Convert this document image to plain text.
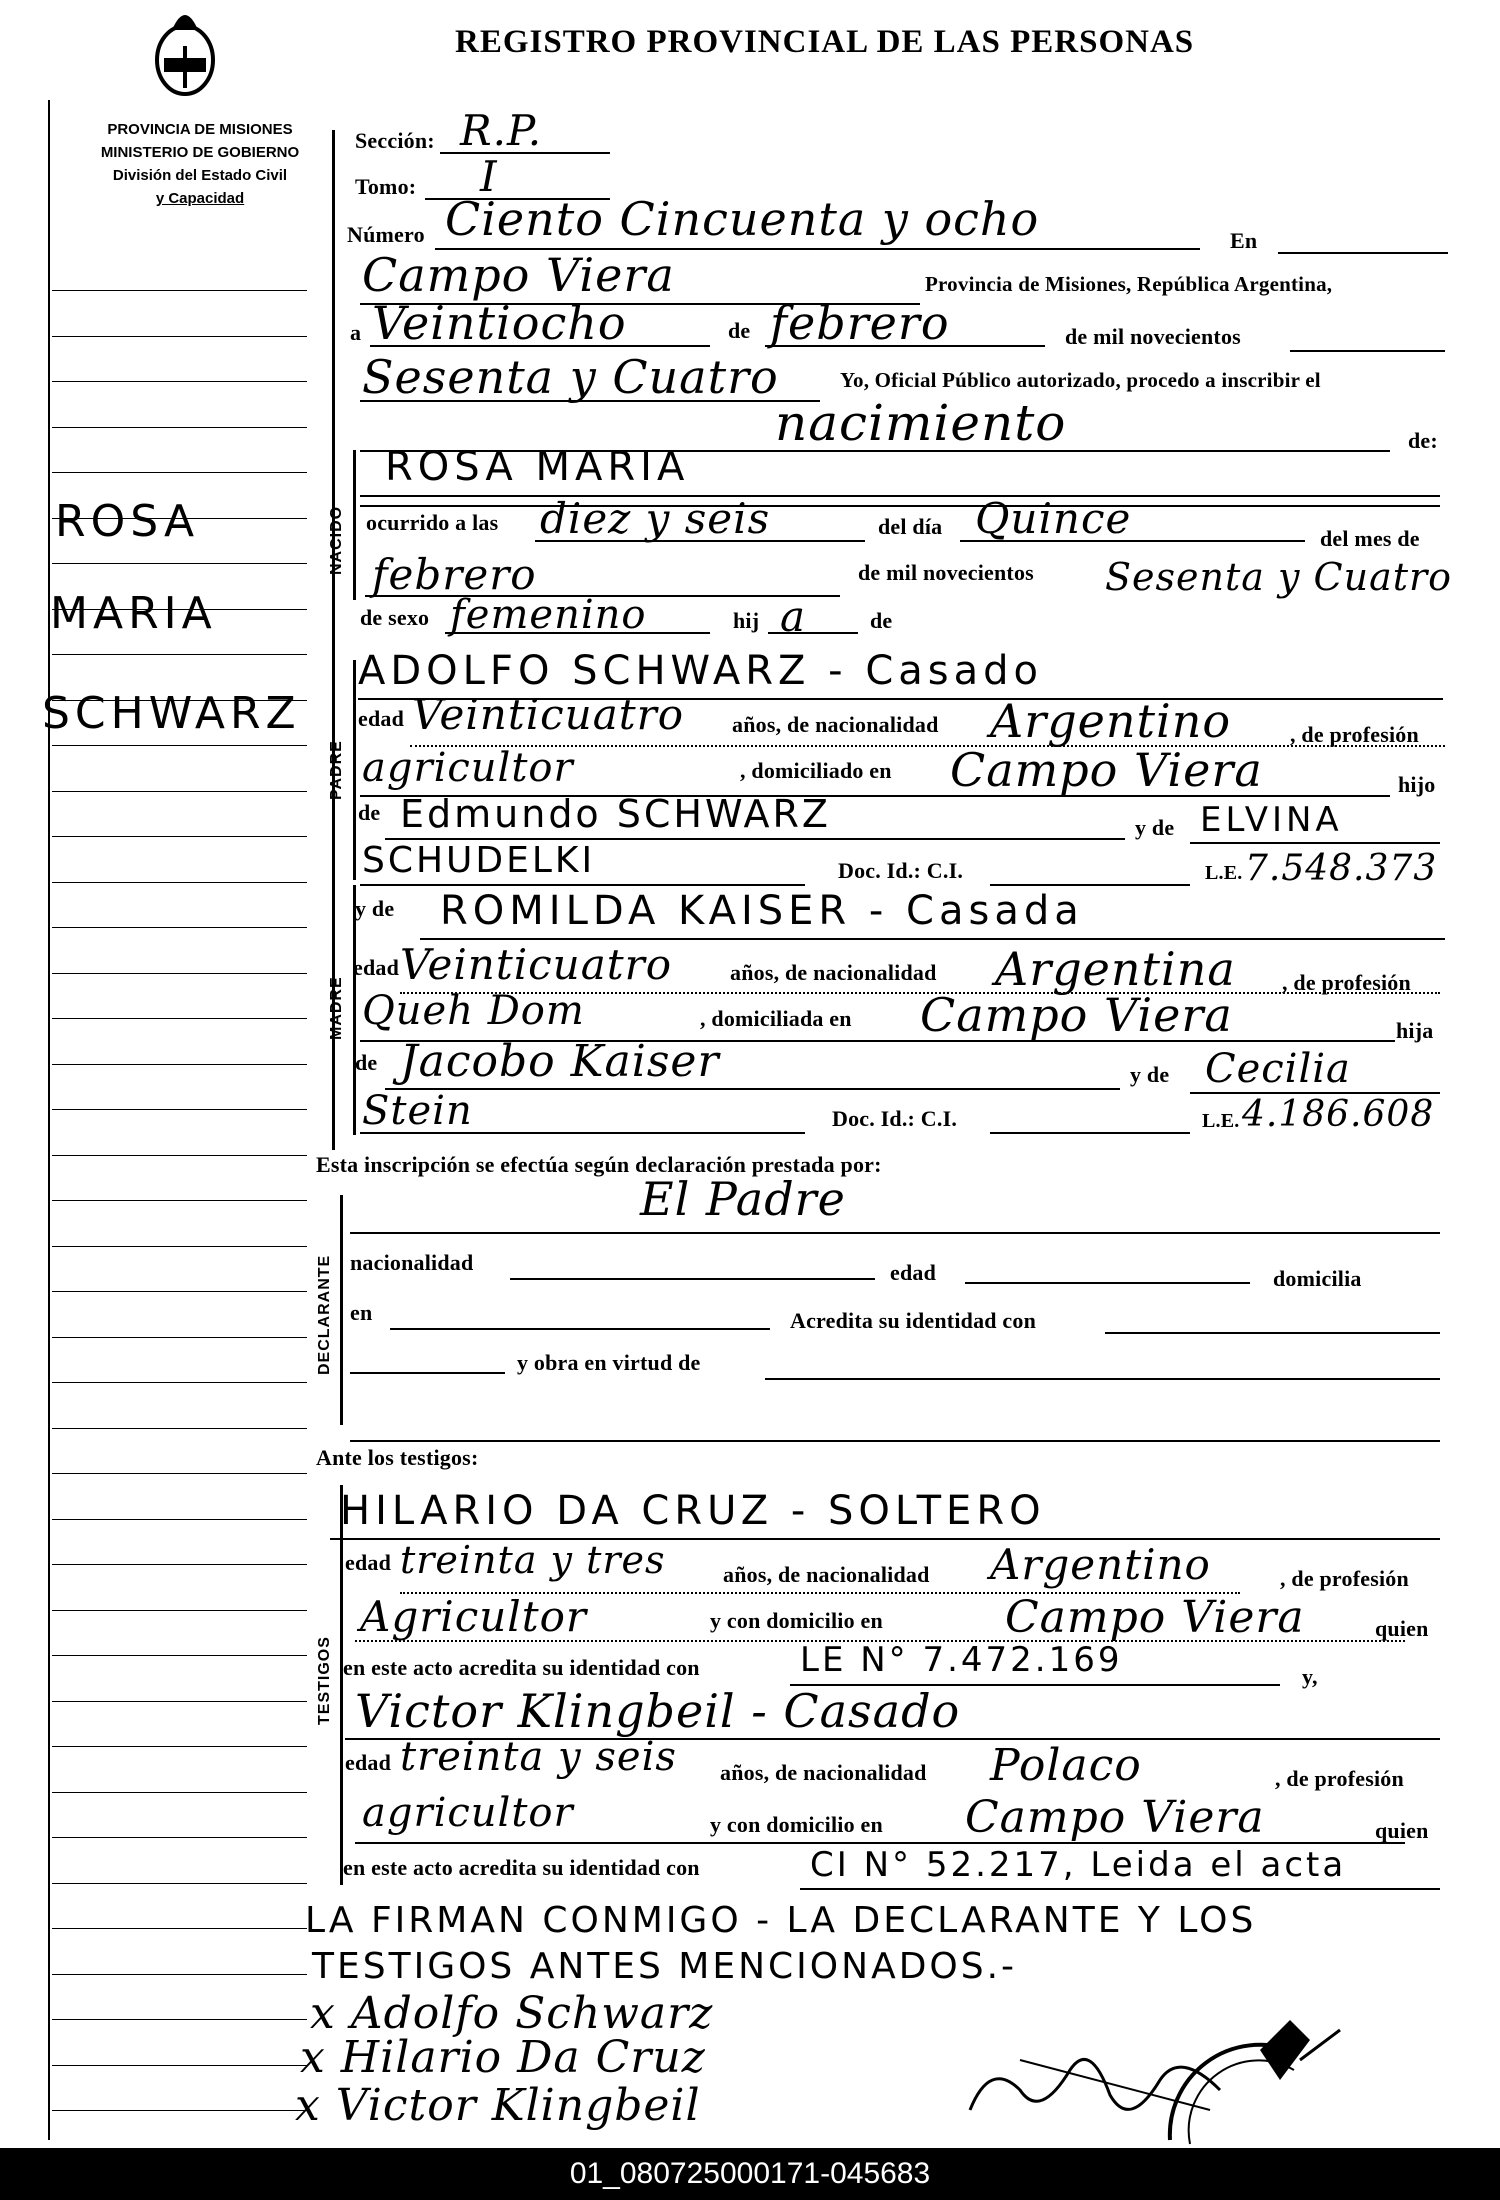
REGISTRO PROVINCIAL DE LAS PERSONAS
PROVINCIA DE MISIONES
MINISTERIO DE GOBIERNO
División del Estado Civil
y Capacidad
NACIDO
PADRE
MADRE
DECLARANTE
TESTIGOS
ROSA
MARIA
SCHWARZ
Sección: R.P.
Tomo: I
Número Ciento Cincuenta y ocho	En
Campo Viera	Provincia de Misiones, República Argentina,
a Veintiocho	de febrero	de mil novecientos
Sesenta y Cuatro	Yo, Oficial Público autorizado, procedo a inscribir el
nacimiento	de:
ROSA MARIA
ocurrido a las diez y seis	del día Quince	del mes de
febrero	de mil novecientos Sesenta y Cuatro
de sexo femenino	hij a	de
ADOLFO SCHWARZ - Casado
edad Veinticuatro años, de nacionalidad Argentino	, de profesión
agricultor	, domiciliado en Campo Viera	hijo
de Edmundo SCHWARZ	y de ELVINA
SCHUDELKI	Doc. Id.: C.I.	L.E. 7.548.373
y de ROMILDA KAISER - Casada
edad Veinticuatro	años, de nacionalidad Argentina , de profesión
Queh Dom	, domiciliada en Campo Viera	hija
de Jacobo Kaiser	y de Cecilia
Stein	Doc. Id.: C.I.	L.E. 4.186.608
Esta inscripción se efectúa según declaración prestada por:
El Padre
nacionalidad	edad	domicilia
en	Acredita su identidad con
y obra en virtud de
Ante los testigos:
HILARIO DA CRUZ - SOLTERO
edad treinta y tres	años, de nacionalidad Argentino	, de profesión
Agricultor	y con domicilio en	Campo Viera	quien
en este acto acredita su identidad con	LE N° 7.472.169	y,
Victor Klingbeil - Casado
edad treinta y seis años, de nacionalidad Polaco	, de profesión
agricultor	y con domicilio en Campo Viera	quien
en este acto acredita su identidad con	CI N° 52.217, Leida el acta
LA FIRMAN CONMIGO - LA DECLARANTE Y LOS
TESTIGOS ANTES MENCIONADOS.-
x Adolfo Schwarz
x Hilario Da Cruz
x Victor Klingbeil
01_080725000171-045683
